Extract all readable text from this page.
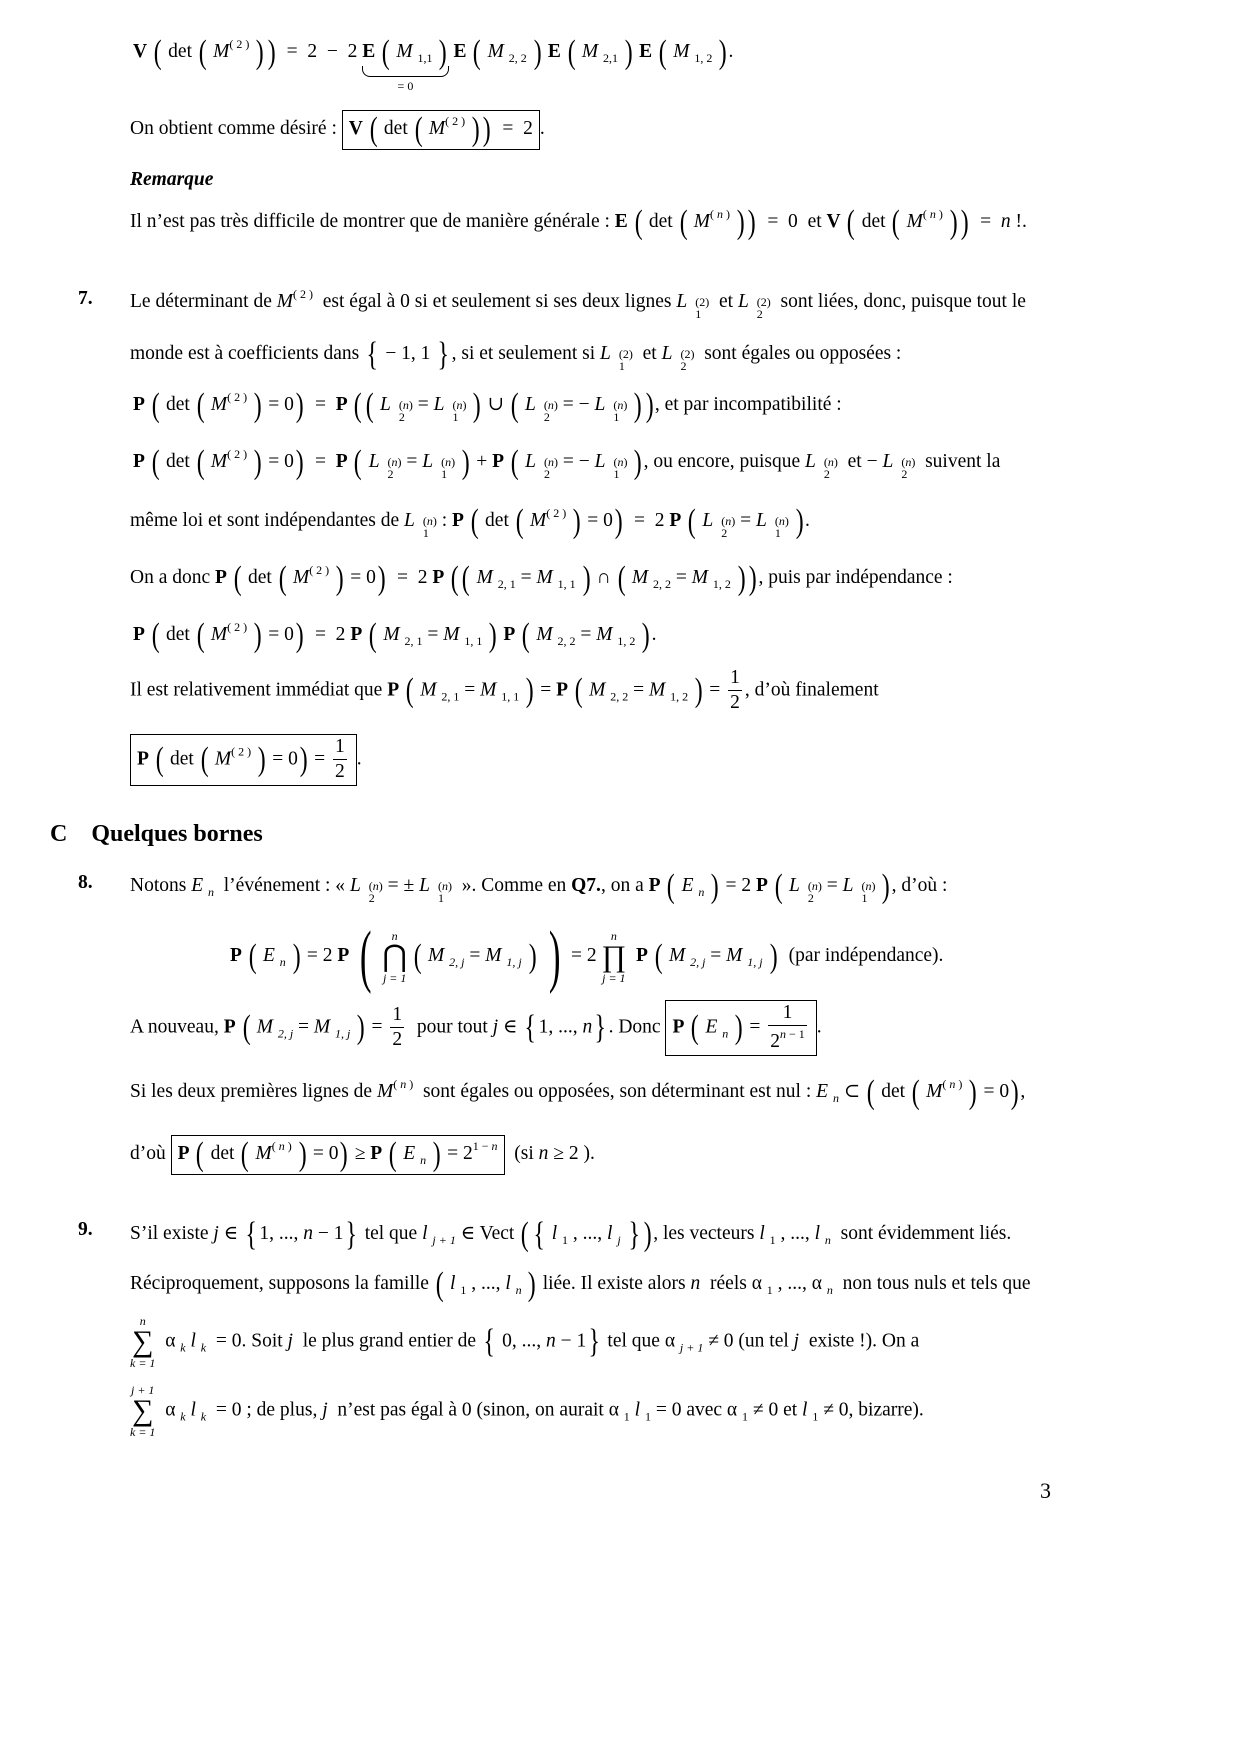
V ( det ( $M^{( 2 )}$ ))  =  2  −  2 E ( M $_{1,1}$ )
= 0
E ( M $_{2, 2}$ ) E ( M $_{2,1}$ ) E ( M $_{1, 2}$ ).
On obtient comme désiré : V ( det ( $M^{( 2 )}$ ))  =  2.
Remarque
Il n’est pas très difficile de montrer que de manière générale : E ( det ( $M^{( n )}$ ))  =  0  et V ( det ( $M^{( n )}$ ))  =  n !.
7. Le déterminant de $M^{( 2 )}$ est égal à 0 si et seulement si ses deux lignes L (2)
1
et L (2)
2
sont liées, donc, puisque tout le
monde est à coefficients dans { − 1, 1 } , si et seulement si L (2)
1
et L (2)
2
sont égales ou opposées :
P ( det ( $M^{( 2 )}$ ) = 0)  =  P (( L (n)
2
= L (n)
1 ) ∪ ( L (n)
2
= − L (n)
1 )), et par incompatibilité :
P ( det ( $M^{( 2 )}$ ) = 0)  =  P ( L (n)
2
= L (n)
1 ) + P ( L (n)
2
= − L (n)
1 ), ou encore, puisque L (n)
2
et − L (n)
2
suivent la
même loi et sont indépendantes de L (n)
1
: P ( det ( $M^{( 2 )}$ ) = 0)  =  2 P ( L (n)
2
= L (n)
1 ).
On a donc P ( det ( $M^{( 2 )}$ ) = 0)  =  2 P (( M $_{2, 1}$ = M $_{1, 1}$ ) ∩ ( M $_{2, 2}$ = M $_{1, 2}$ )), puis par indépendance :
P ( det ( $M^{( 2 )}$ ) = 0)  =  2 P ( M $_{2, 1}$ = M $_{1, 1}$ ) P ( M $_{2, 2}$ = M $_{1, 2}$ ).
Il est relativement immédiat que P ( M $_{2, 1}$ = M $_{1, 1}$ ) = P ( M $_{2, 2}$ = M $_{1, 2}$ ) = $\frac{1}{2}$ , d’où finalement
P ( det ( $M^{( 2 )}$ ) = $0) = \frac{1}{2}$ .
C Quelques bornes
8. Notons E $_n$ l’événement : « L (n)
2
= ± L (n)
1
». Comme en Q7., on a P ( E $_n$ ) = 2 P ( L (n)
2
= L (n)
1 ), d’où :
P ( E $_n$ ) = 2 P (	n
⋂
j = 1
( M $_{2, j}$ = M $_{1, j}$ ) ) = 2
n
∏
j = 1
P ( M $_{2, j}$ = M $_{1, j}$ ) (par indépendance).
A nouveau, P ( M $_{2, j}$ = M $_{1, j}$ ) = $\frac{1}{2}$ pour tout j ∈ { 1, ..., n} . Donc P ( E $_n$ ) = $\frac{1}{2^{n - 1}}$ .
Si les deux premières lignes de $M^{( n )}$ sont égales ou opposées, son déterminant est nul : E $_n$ ⊂ ( det ( $M^{( n )}$ ) = 0),
d’où P ( det ( $M^{( n )}$ ) = 0) ≥ P ( E $_n$ ) = $2^{1 - n}$ (si n ≥ 2 ).
9. S’il existe j ∈ { 1, ..., n − 1} tel que l $_{j + 1}$ ∈ Vect ( { l $_1$ , ..., l $_j$ } ), les vecteurs l $_1$ , ..., l $_n$ sont évidemment liés.
Réciproquement, supposons la famille ( l $_1$ , ..., l $_n$ ) liée. Il existe alors n réels α $_1$ , ..., α $_n$ non tous nuls et tels que
n
∑
k = 1
α $_k$ l $_k$  = 0. Soit j le plus grand entier de { 0, ..., n − 1} tel que α $_{j + 1}$ ≠ 0 (un tel j existe !). On a
j + 1
∑
k = 1
α $_k$ l $_k$  = 0 ; de plus, j n’est pas égal à 0 (sinon, on aurait α $_1$ l $_1$ = 0 avec α $_1$ ≠ 0 et l $_1$ ≠ 0, bizarre).
3
